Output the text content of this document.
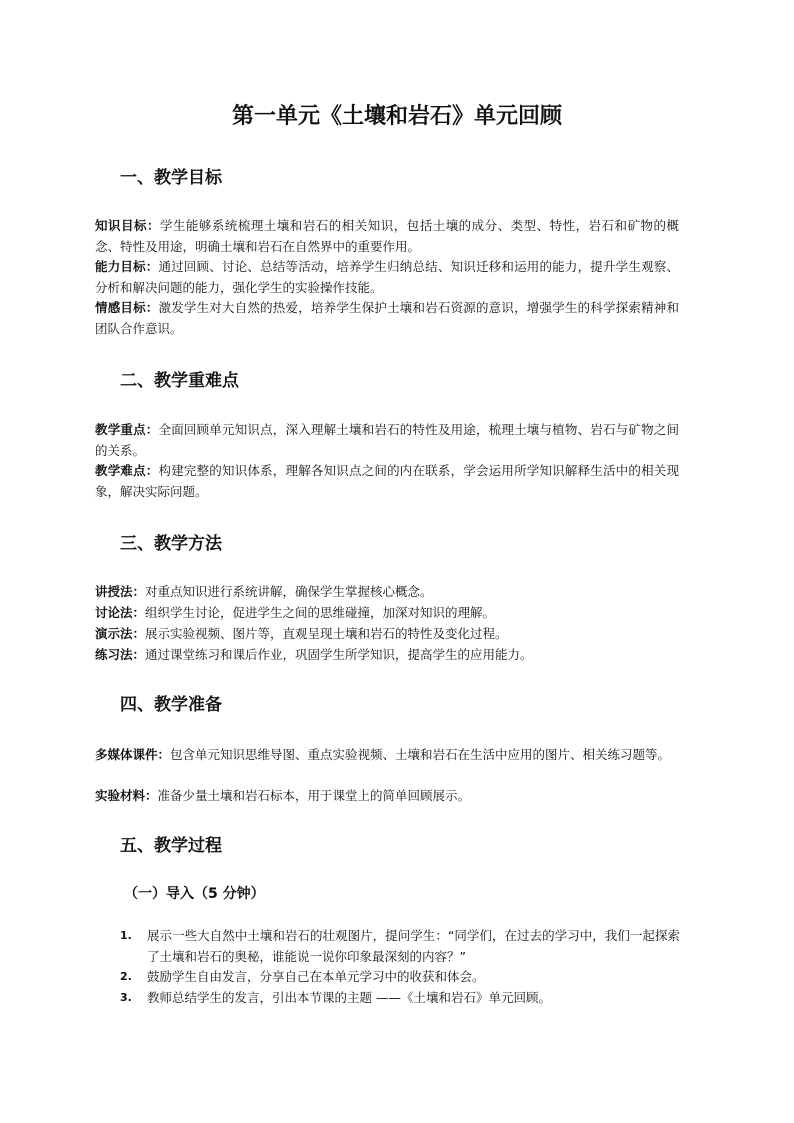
第一单元《土壤和岩石》单元回顾
一、教学目标
知识目标：学生能够系统梳理土壤和岩石的相关知识，包括土壤的成分、类型、特性，岩石和矿物的概念、特性及用途，明确土壤和岩石在自然界中的重要作用。
能力目标：通过回顾、讨论、总结等活动，培养学生归纳总结、知识迁移和运用的能力，提升学生观察、分析和解决问题的能力，强化学生的实验操作技能。
情感目标：激发学生对大自然的热爱，培养学生保护土壤和岩石资源的意识，增强学生的科学探索精神和团队合作意识。
二、教学重难点
教学重点：全面回顾单元知识点，深入理解土壤和岩石的特性及用途，梳理土壤与植物、岩石与矿物之间的关系。
教学难点：构建完整的知识体系，理解各知识点之间的内在联系，学会运用所学知识解释生活中的相关现象，解决实际问题。
三、教学方法
讲授法：对重点知识进行系统讲解，确保学生掌握核心概念。
讨论法：组织学生讨论，促进学生之间的思维碰撞，加深对知识的理解。
演示法：展示实验视频、图片等，直观呈现土壤和岩石的特性及变化过程。
练习法：通过课堂练习和课后作业，巩固学生所学知识，提高学生的应用能力。
四、教学准备
多媒体课件：包含单元知识思维导图、重点实验视频、土壤和岩石在生活中应用的图片、相关练习题等。
实验材料：准备少量土壤和岩石标本，用于课堂上的简单回顾展示。
五、教学过程
（一）导入（5 分钟）
1. 展示一些大自然中土壤和岩石的壮观图片，提问学生：“同学们，在过去的学习中，我们一起探索了土壤和岩石的奥秘，谁能说一说你印象最深刻的内容？”
2. 鼓励学生自由发言，分享自己在本单元学习中的收获和体会。
3. 教师总结学生的发言，引出本节课的主题 ——《土壤和岩石》单元回顾。
